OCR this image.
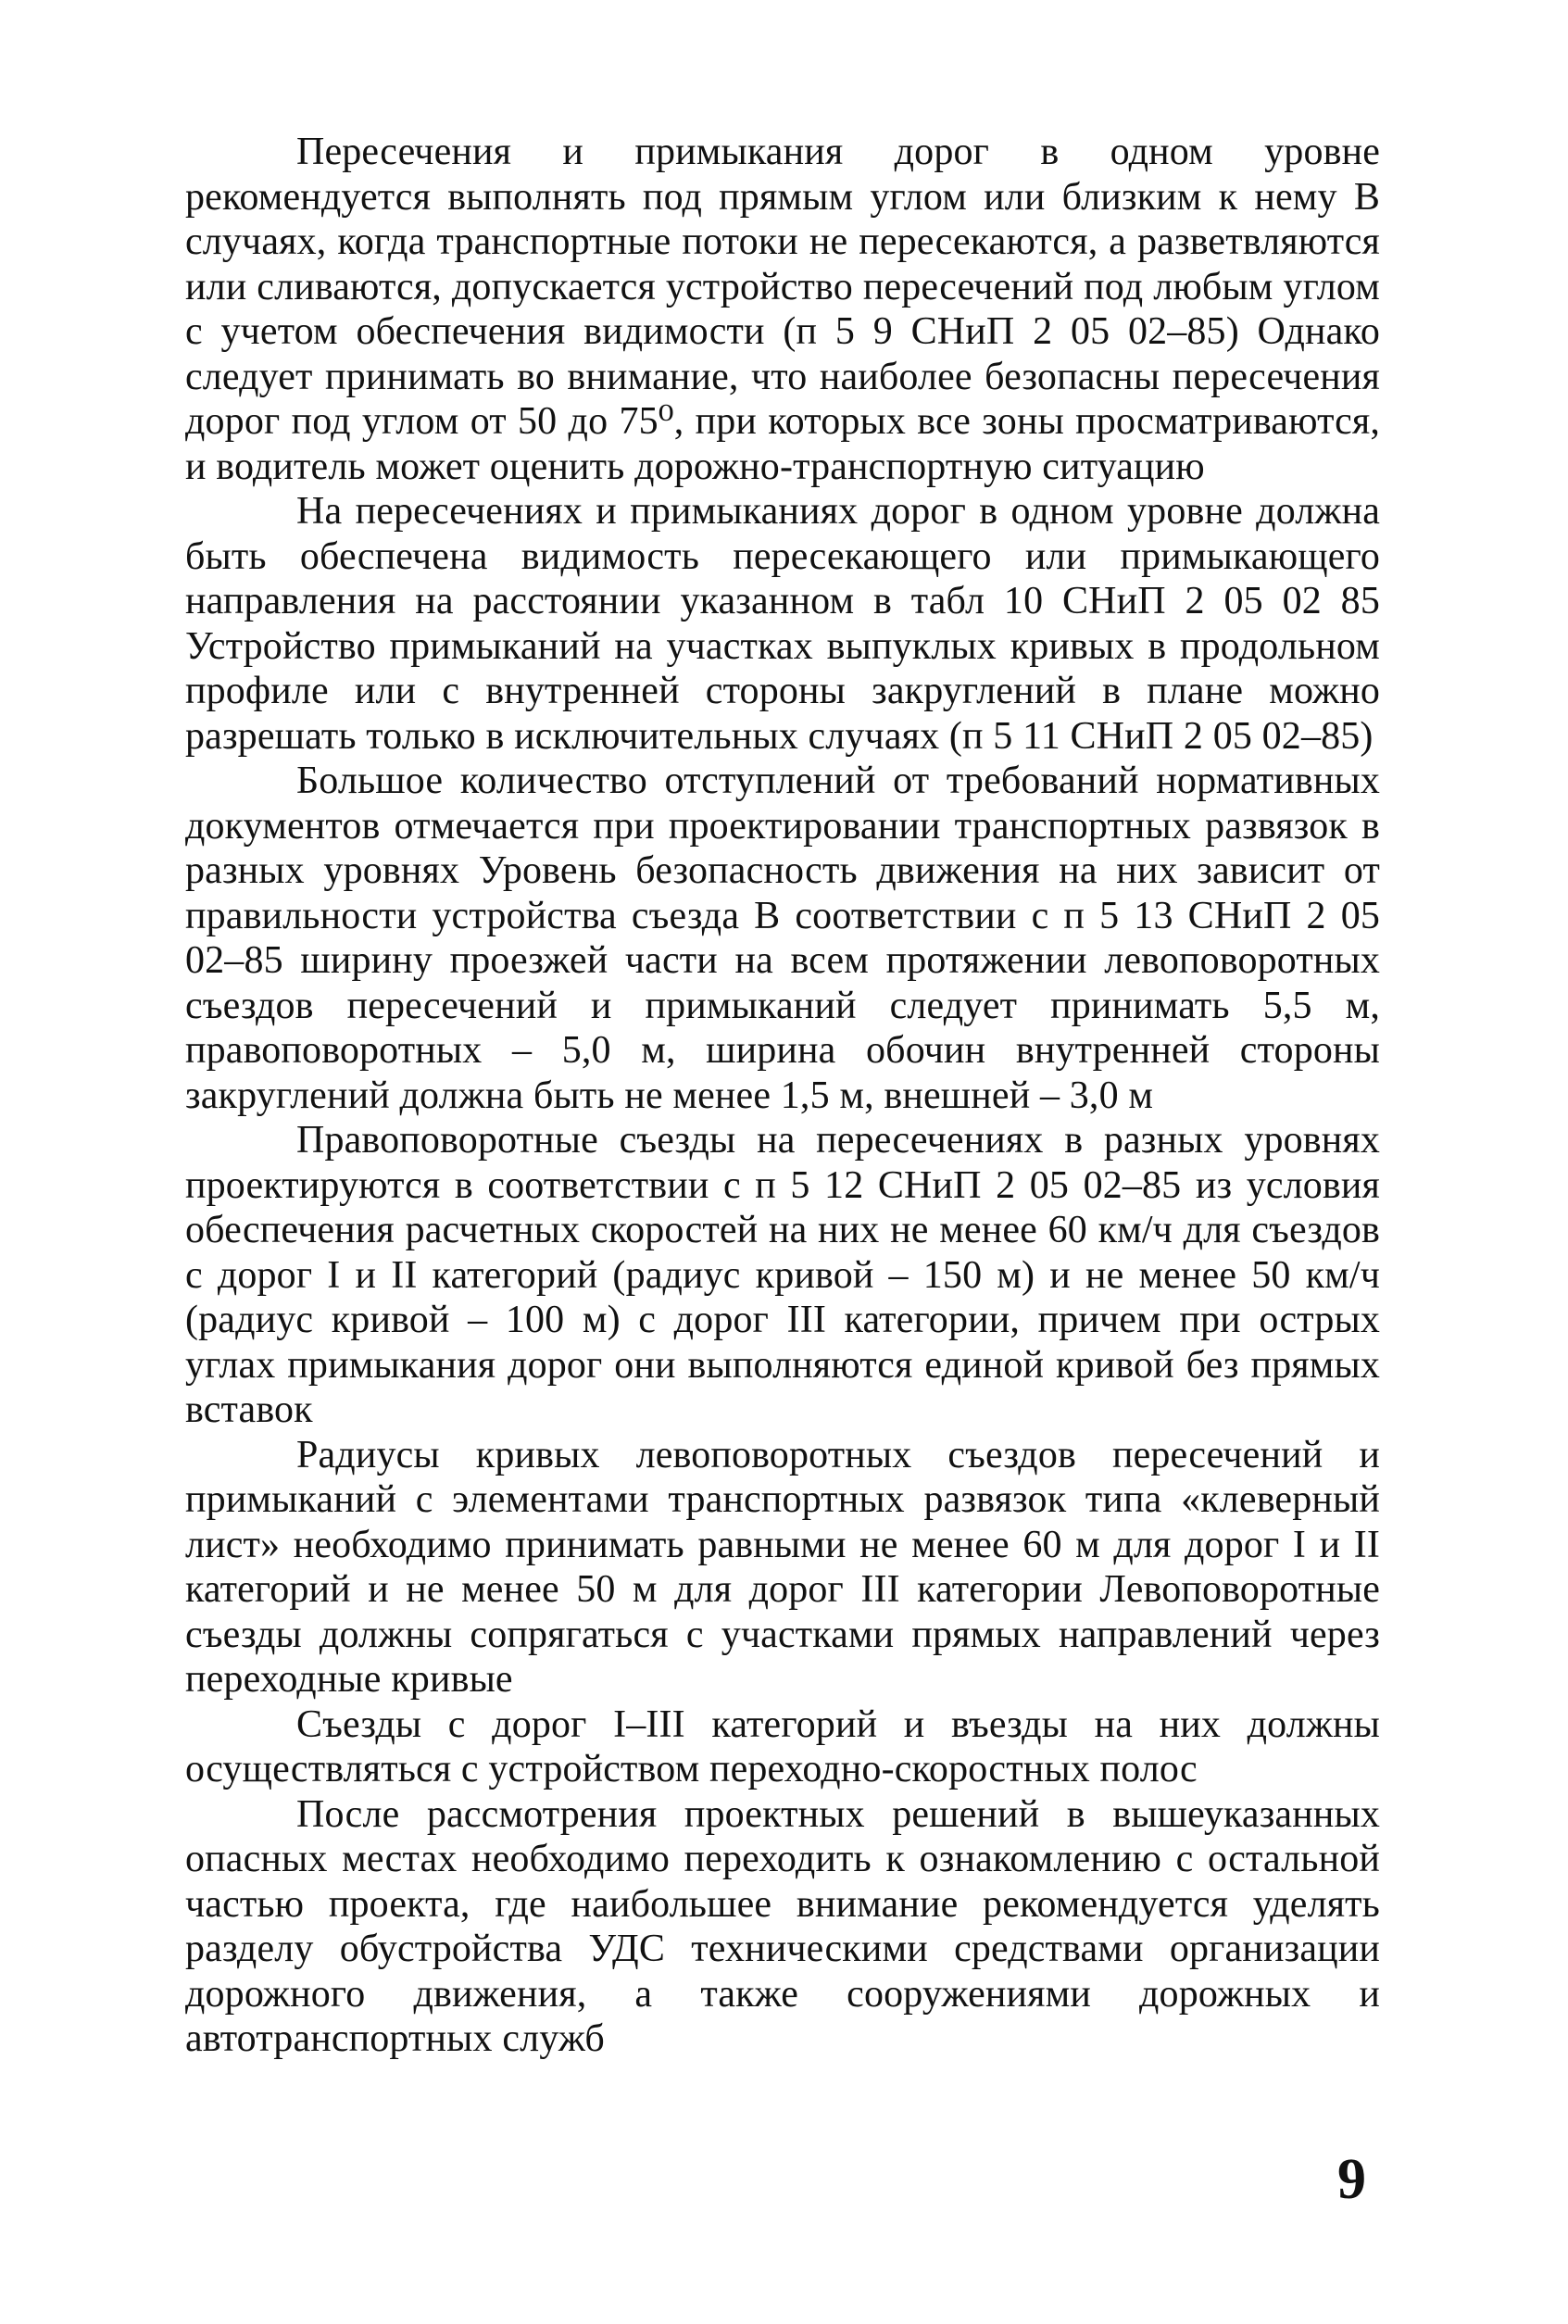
Пересечения и примыкания дорог в одном уровне рекомендуется выполнять под прямым углом или близким к нему В случаях, когда транспортные потоки не пересекаются, а разветвляются или сливаются, допускается устройство пересечений под любым углом с учетом обеспечения видимости (п 5 9 СНиП 2 05 02–85) Однако следует принимать во внимание, что наиболее безопасны пересечения дорог под углом от 50 до 75⁰, при которых все зоны просматриваются, и водитель может оценить дорожно-транспортную ситуацию

На пересечениях и примыканиях дорог в одном уровне должна быть обеспечена видимость пересекающего или примыкающего направления на расстоянии указанном в табл 10 СНиП 2 05 02 85 Устройство примыканий на участках выпуклых кривых в продольном профиле или с внутренней стороны закруглений в плане можно разрешать только в исключительных случаях (п 5 11 СНиП 2 05 02–85)

Большое количество отступлений от требований нормативных документов отмечается при проектировании транспортных развязок в разных уровнях Уровень безопасность движения на них зависит от правильности устройства съезда В соответствии с п 5 13 СНиП 2 05 02–85 ширину проезжей части на всем протяжении левоповоротных съездов пересечений и примыканий следует принимать 5,5 м, правоповоротных – 5,0 м, ширина обочин внутренней стороны закруглений должна быть не менее 1,5 м, внешней – 3,0 м

Правоповоротные съезды на пересечениях в разных уровнях проектируются в соответствии с п 5 12 СНиП 2 05 02–85 из условия обеспечения расчетных скоростей на них не менее 60 км/ч для съездов с дорог I и II категорий (радиус кривой – 150 м) и не менее 50 км/ч (радиус кривой – 100 м) с дорог III категории, причем при острых углах примыкания дорог они выполняются единой кривой без прямых вставок

Радиусы кривых левоповоротных съездов пересечений и примыканий с элементами транспортных развязок типа «клеверный лист» необходимо принимать равными не менее 60 м для дорог I и II категорий и не менее 50 м для дорог III категории Левоповоротные съезды должны сопрягаться с участками прямых направлений через переходные кривые

Съезды с дорог I–III категорий и въезды на них должны осуществляться с устройством переходно-скоростных полос

После рассмотрения проектных решений в вышеуказанных опасных местах необходимо переходить к ознакомлению с остальной частью проекта, где наибольшее внимание рекомендуется уделять разделу обустройства УДС техническими средствами организации дорожного движения, а также сооружениями дорожных и автотранспортных служб

9
